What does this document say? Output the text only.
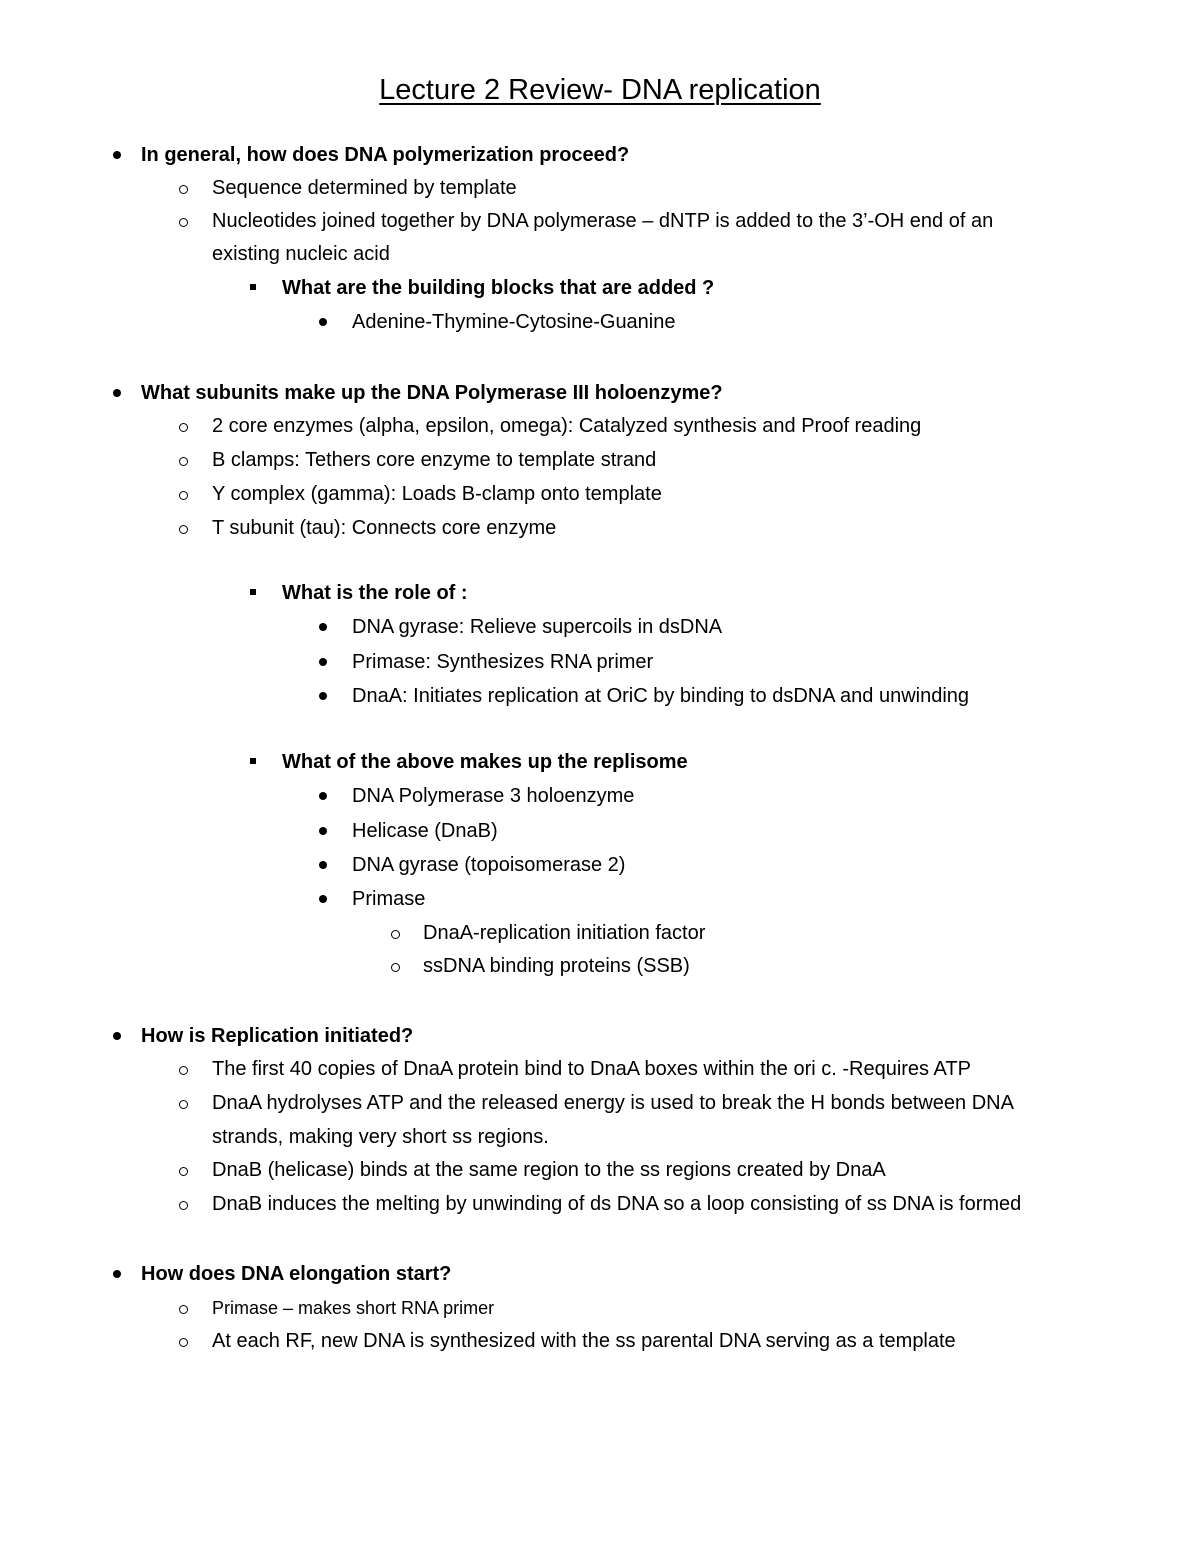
Lecture 2 Review- DNA replication
In general, how does DNA polymerization proceed?
Sequence determined by template
Nucleotides joined together by DNA polymerase – dNTP is added to the 3’-OH end of an
existing nucleic acid
What are the building blocks that are added ?
Adenine-Thymine-Cytosine-Guanine
What subunits make up the DNA Polymerase III holoenzyme?
2 core enzymes (alpha, epsilon, omega): Catalyzed synthesis and Proof reading
B clamps: Tethers core enzyme to template strand
Y complex (gamma): Loads B-clamp onto template
T subunit (tau): Connects core enzyme
What is the role of :
DNA gyrase: Relieve supercoils in dsDNA
Primase: Synthesizes RNA primer
DnaA: Initiates replication at OriC by binding to dsDNA and unwinding
What of the above makes up the replisome
DNA Polymerase 3 holoenzyme
Helicase (DnaB)
DNA gyrase (topoisomerase 2)
Primase
DnaA-replication initiation factor
ssDNA binding proteins (SSB)
How is Replication initiated?
The first 40 copies of DnaA protein bind to DnaA boxes within the ori c. -Requires ATP
DnaA hydrolyses ATP and the released energy is used to break the H bonds between DNA
strands, making very short ss regions.
DnaB (helicase) binds at the same region to the ss regions created by DnaA
DnaB induces the melting by unwinding of ds DNA so a loop consisting of ss DNA is formed
How does DNA elongation start?
Primase – makes short RNA primer
At each RF, new DNA is synthesized with the ss parental DNA serving as a template
